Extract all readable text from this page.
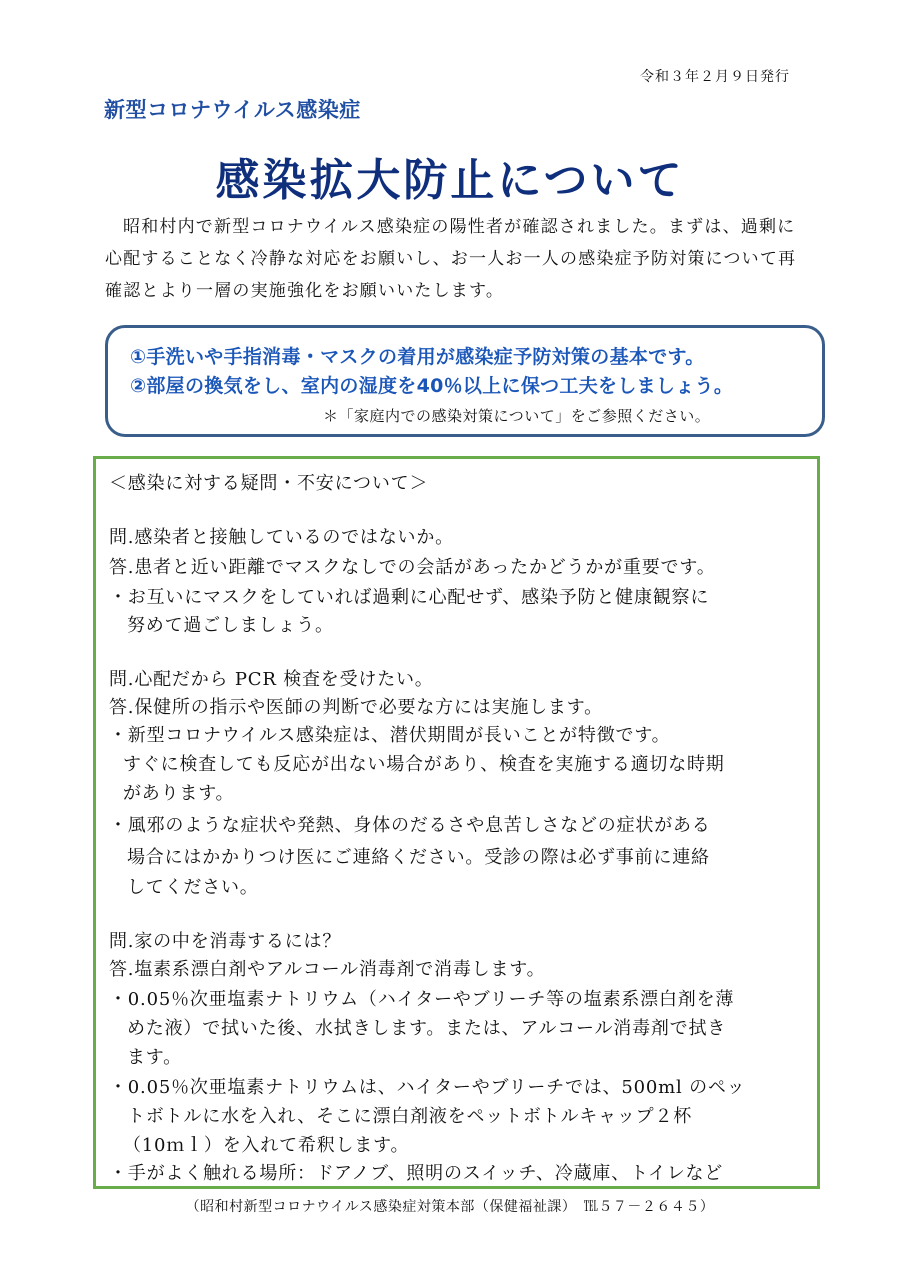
令和３年２月９日発行
新型コロナウイルス感染症
感染拡大防止について
昭和村内で新型コロナウイルス感染症の陽性者が確認されました。まずは、過剰に心配することなく冷静な対応をお願いし、お一人お一人の感染症予防対策について再確認とより一層の実施強化をお願いいたします。
①手洗いや手指消毒・マスクの着用が感染症予防対策の基本です。
②部屋の換気をし、室内の湿度を40％以上に保つ工夫をしましょう。
＊「家庭内での感染対策について」をご参照ください。
＜感染に対する疑問・不安について＞
問.感染者と接触しているのではないか。
答.患者と近い距離でマスクなしでの会話があったかどうかが重要です。
・お互いにマスクをしていれば過剰に心配せず、感染予防と健康観察に
努めて過ごしましょう。
問.心配だから PCR 検査を受けたい。
答.保健所の指示や医師の判断で必要な方には実施します。
・新型コロナウイルス感染症は、潜伏期間が長いことが特徴です。
すぐに検査しても反応が出ない場合があり、検査を実施する適切な時期
があります。
・風邪のような症状や発熱、身体のだるさや息苦しさなどの症状がある
場合にはかかりつけ医にご連絡ください。受診の際は必ず事前に連絡
してください。
問.家の中を消毒するには？
答.塩素系漂白剤やアルコール消毒剤で消毒します。
・0.05％次亜塩素ナトリウム（ハイターやブリーチ等の塩素系漂白剤を薄
めた液）で拭いた後、水拭きします。または、アルコール消毒剤で拭き
ます。
・0.05％次亜塩素ナトリウムは、ハイターやブリーチでは、500ml のペッ
トボトルに水を入れ、そこに漂白剤液をペットボトルキャップ２杯
（10ｍｌ）を入れて希釈します。
・手がよく触れる場所：ドアノブ、照明のスイッチ、冷蔵庫、トイレなど
（昭和村新型コロナウイルス感染症対策本部（保健福祉課）　℡５７－２６４５）
